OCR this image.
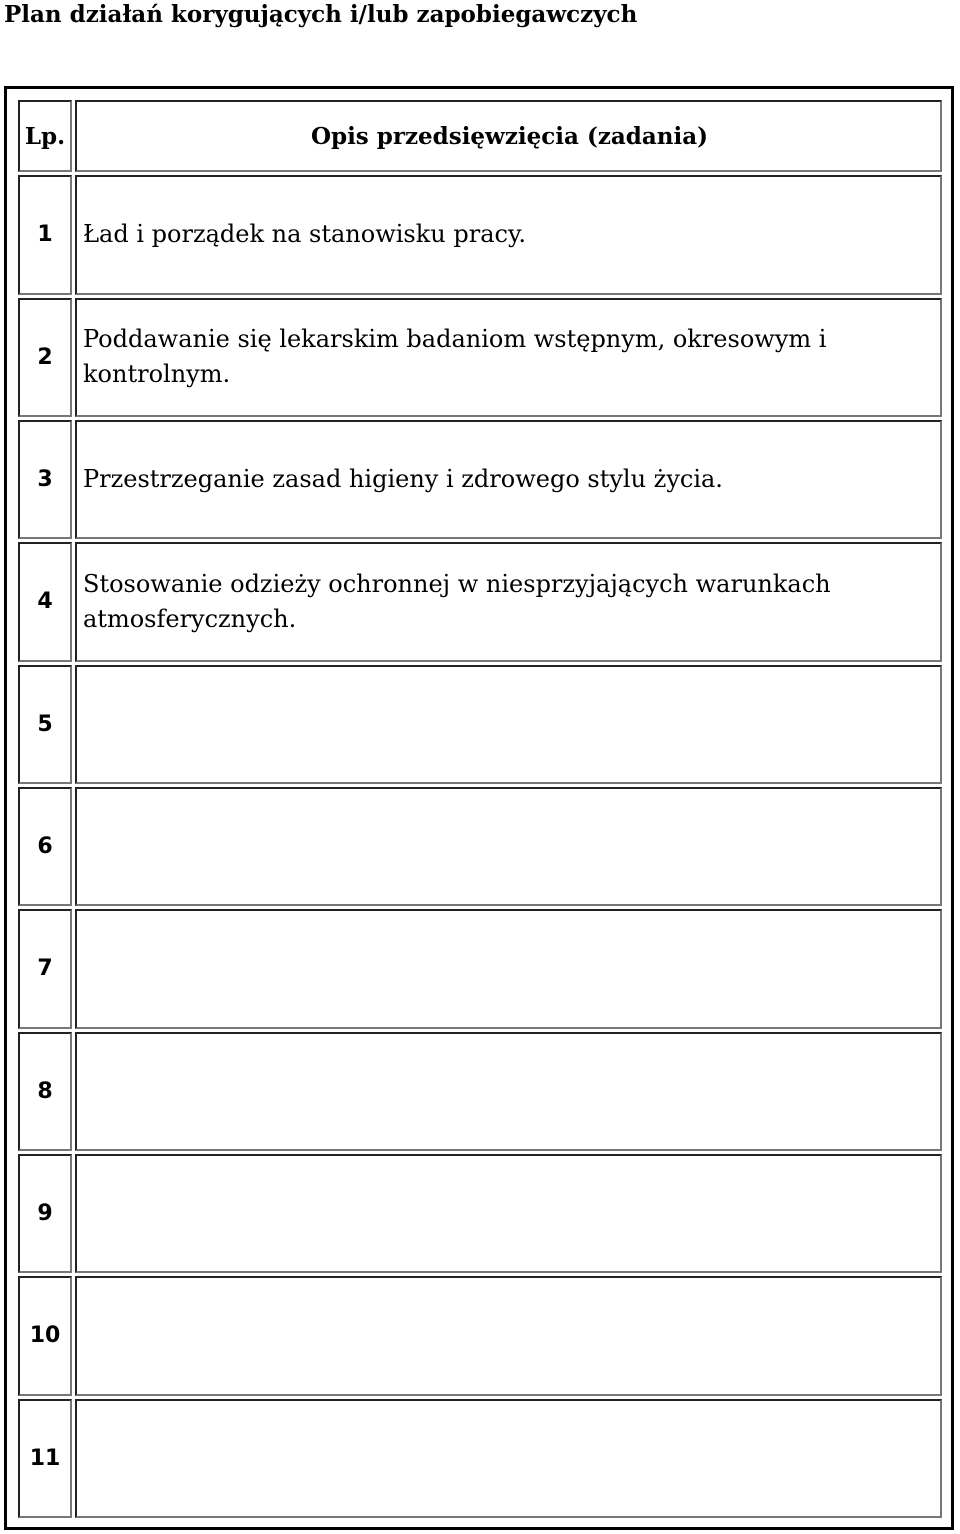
Plan działań korygujących i/lub zapobiegawczych
Lp.	Opis przedsięwzięcia (zadania)
1	Ład i porządek na stanowisku pracy.
2	Poddawanie się lekarskim badaniom wstępnym, okresowym i kontrolnym.
3	Przestrzeganie zasad higieny i zdrowego stylu życia.
4	Stosowanie odzieży ochronnej w niesprzyjających warunkach atmosferycznych.
5	
6	
7	
8	
9	
10	
11	
